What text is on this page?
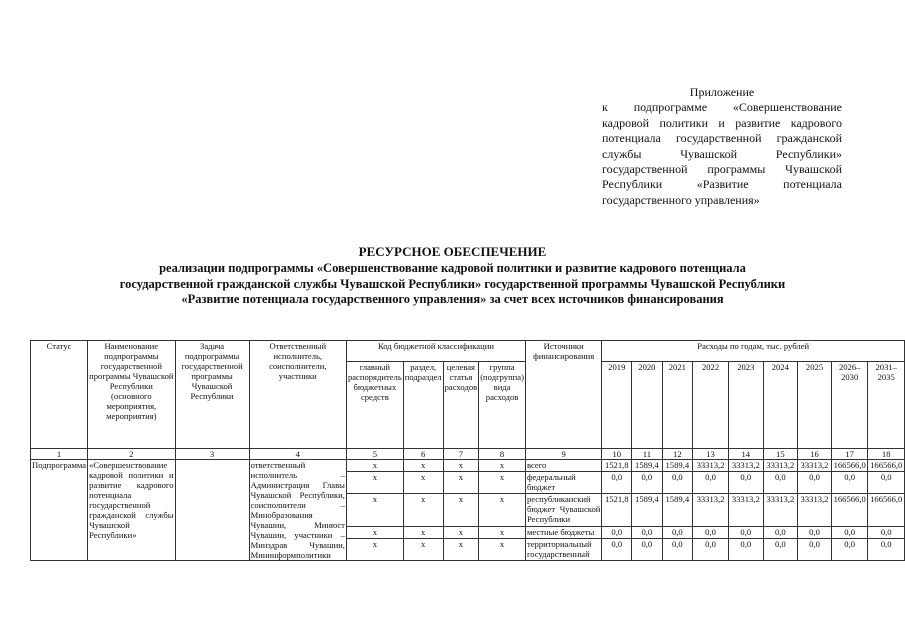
Приложение
к подпрограмме «Совершенствование кадровой политики и развитие кадрового потенциала государственной гражданской службы Чувашской Республики» государственной программы Чувашской Республики «Развитие потенциала государственного управления»
РЕСУРСНОЕ ОБЕСПЕЧЕНИЕ
реализации подпрограммы «Совершенствование кадровой политики и развитие кадрового потенциала
государственной гражданской службы Чувашской Республики» государственной программы Чувашской Республики
«Развитие потенциала государственного управления» за счет всех источников финансирования
Статус	Наименование подпрограммы государственной программы Чувашской Республики (основного мероприятия, мероприятия)	Задача подпрограммы государственной программы Чувашской Республики	Ответственный исполнитель, соисполнители, участники	Код бюджетной классификации				Источники финансирования	Расходы по годам, тыс. рублей								
				главный распорядитель бюджетных средств	раздел, подраздел	целевая статья расходов	группа (подгруппа) вида расходов		2019	2020	2021	2022	2023	2024	2025	2026–2030	2031–2035

1	2	3	4	5	6	7	8	9	10	11	12	13	14	15	16	17	18
Подпрограмма	«Совершенствование кадровой политики и развитие кадрового потенциала государственной гражданской службы Чувашской Республики»		ответственный исполнитель – Администрация Главы Чувашской Республики, соисполнители – Минобразования Чувашии, Минюст Чувашии, участники – Минздрав Чувашии, Мининформполитики	x	x	x	x	всего	1521,8	1589,4	1589,4	33313,2	33313,2	33313,2	33313,2	166566,0	166566,0
				x	x	x	x	федеральный бюджет	0,0	0,0	0,0	0,0	0,0	0,0	0,0	0,0	0,0
				x	x	x	x	республиканский бюджет Чувашской Республики	1521,8	1589,4	1589,4	33313,2	33313,2	33313,2	33313,2	166566,0	166566,0
				x	x	x	x	местные бюджеты	0,0	0,0	0,0	0,0	0,0	0,0	0,0	0,0	0,0
				x	x	x	x	территориальный государственный	0,0	0,0	0,0	0,0	0,0	0,0	0,0	0,0	0,0
